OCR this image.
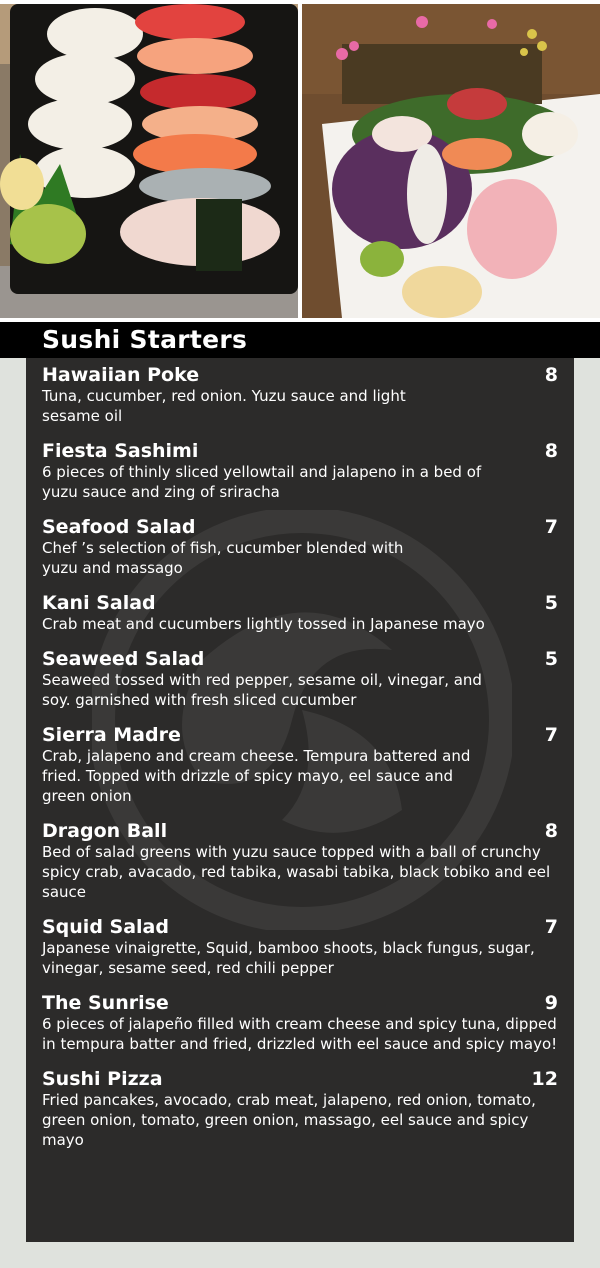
Sushi Starters
Hawaiian Poke	8
Tuna, cucumber, red onion. Yuzu sauce and light sesame oil
Fiesta Sashimi	8
6 pieces of thinly sliced yellowtail and jalapeno in a bed of yuzu sauce and zing of sriracha
Seafood Salad	7
Chef ’s selection of fish, cucumber blended with yuzu and massago
Kani Salad	5
Crab meat and cucumbers lightly tossed in Japanese mayo
Seaweed Salad	5
Seaweed tossed with red pepper, sesame oil, vinegar, and soy. garnished with fresh sliced cucumber
Sierra Madre	7
Crab, jalapeno and cream cheese. Tempura battered and fried. Topped with drizzle of spicy mayo, eel sauce and green onion
Dragon Ball	8
Bed of salad greens with yuzu sauce topped with a ball of crunchy spicy crab, avacado, red tabika, wasabi tabika, black tobiko and eel sauce
Squid Salad	7
Japanese vinaigrette, Squid, bamboo shoots, black fungus, sugar, vinegar, sesame seed, red chili pepper
The Sunrise	9
6 pieces of jalapeño filled with cream cheese and spicy tuna, dipped in tempura batter and fried, drizzled with eel sauce and spicy mayo!
Sushi Pizza	12
Fried pancakes, avocado, crab meat, jalapeno, red onion, tomato, green onion, tomato, green onion, massago, eel sauce and spicy mayo
